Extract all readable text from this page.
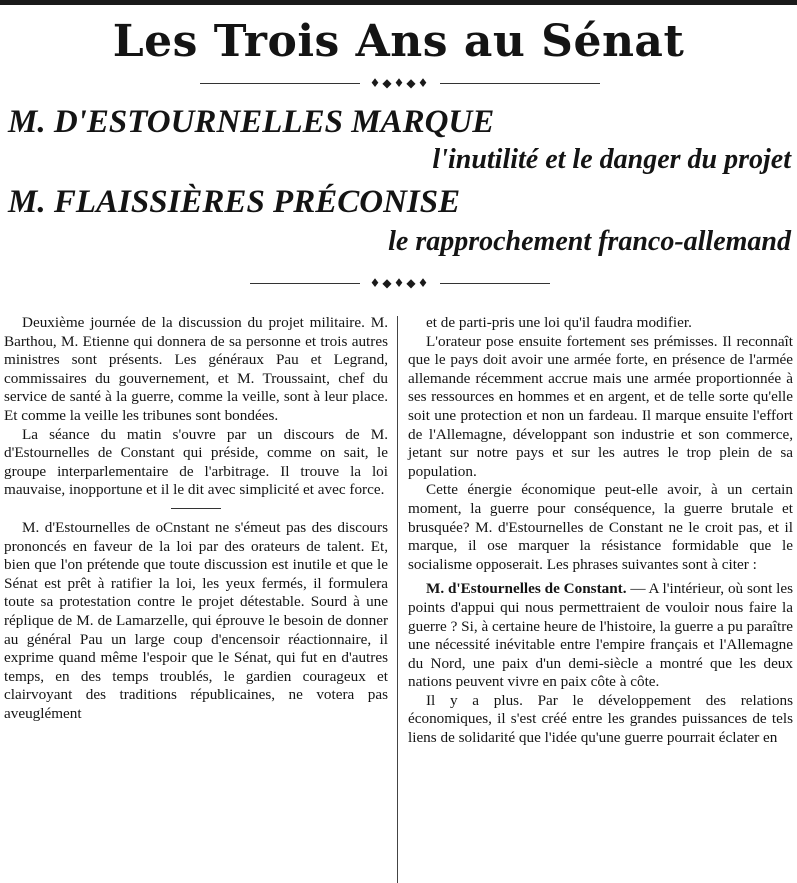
Les Trois Ans au Sénat
♦◆♦◆♦
M. D'ESTOURNELLES MARQUE
l'inutilité et le danger du projet
M. FLAISSIÈRES PRÉCONISE
le rapprochement franco-allemand
♦◆♦◆♦

Deuxième journée de la discussion du projet militaire. M. Barthou, M. Etienne qui donnera de sa personne et trois autres ministres sont présents. Les généraux Pau et Legrand, commissaires du gouvernement, et M. Troussaint, chef du service de santé à la guerre, comme la veille, sont à leur place. Et comme la veille les tribunes sont bondées.

La séance du matin s'ouvre par un discours de M. d'Estournelles de Constant qui préside, comme on sait, le groupe interparlementaire de l'arbitrage. Il trouve la loi mauvaise, inopportune et il le dit avec simplicité et avec force.

M. d'Estournelles de oCnstant ne s'émeut pas des discours prononcés en faveur de la loi par des orateurs de talent. Et, bien que l'on prétende que toute discussion est inutile et que le Sénat est prêt à ratifier la loi, les yeux fermés, il formulera toute sa protestation contre le projet détestable. Sourd à une réplique de M. de Lamarzelle, qui éprouve le besoin de donner au général Pau un large coup d'encensoir réactionnaire, il exprime quand même l'espoir que le Sénat, qui fut en d'autres temps, en des temps troublés, le gardien courageux et clairvoyant des traditions républicaines, ne votera pas aveuglément

et de parti-pris une loi qu'il faudra modifier.

L'orateur pose ensuite fortement ses prémisses. Il reconnaît que le pays doit avoir une armée forte, en présence de l'armée allemande récemment accrue mais une armée proportionnée à ses ressources en hommes et en argent, et de telle sorte qu'elle soit une protection et non un fardeau. Il marque ensuite l'effort de l'Allemagne, développant son industrie et son commerce, jetant sur notre pays et sur les autres le trop plein de sa population.

Cette énergie économique peut-elle avoir, à un certain moment, la guerre pour conséquence, la guerre brutale et brusquée? M. d'Estournelles de Constant ne le croit pas, et il marque, il ose marquer la résistance formidable que le socialisme opposerait. Les phrases suivantes sont à citer :

M. d'Estournelles de Constant. — A l'intérieur, où sont les points d'appui qui nous permettraient de vouloir nous faire la guerre ? Si, à certaine heure de l'histoire, la guerre a pu paraître une nécessité inévitable entre l'empire français et l'Allemagne du Nord, une paix d'un demi-siècle a montré que les deux nations peuvent vivre en paix côte à côte.

Il y a plus. Par le développement des relations économiques, il s'est créé entre les grandes puissances de tels liens de solidarité que l'idée qu'une guerre pourrait éclater en
